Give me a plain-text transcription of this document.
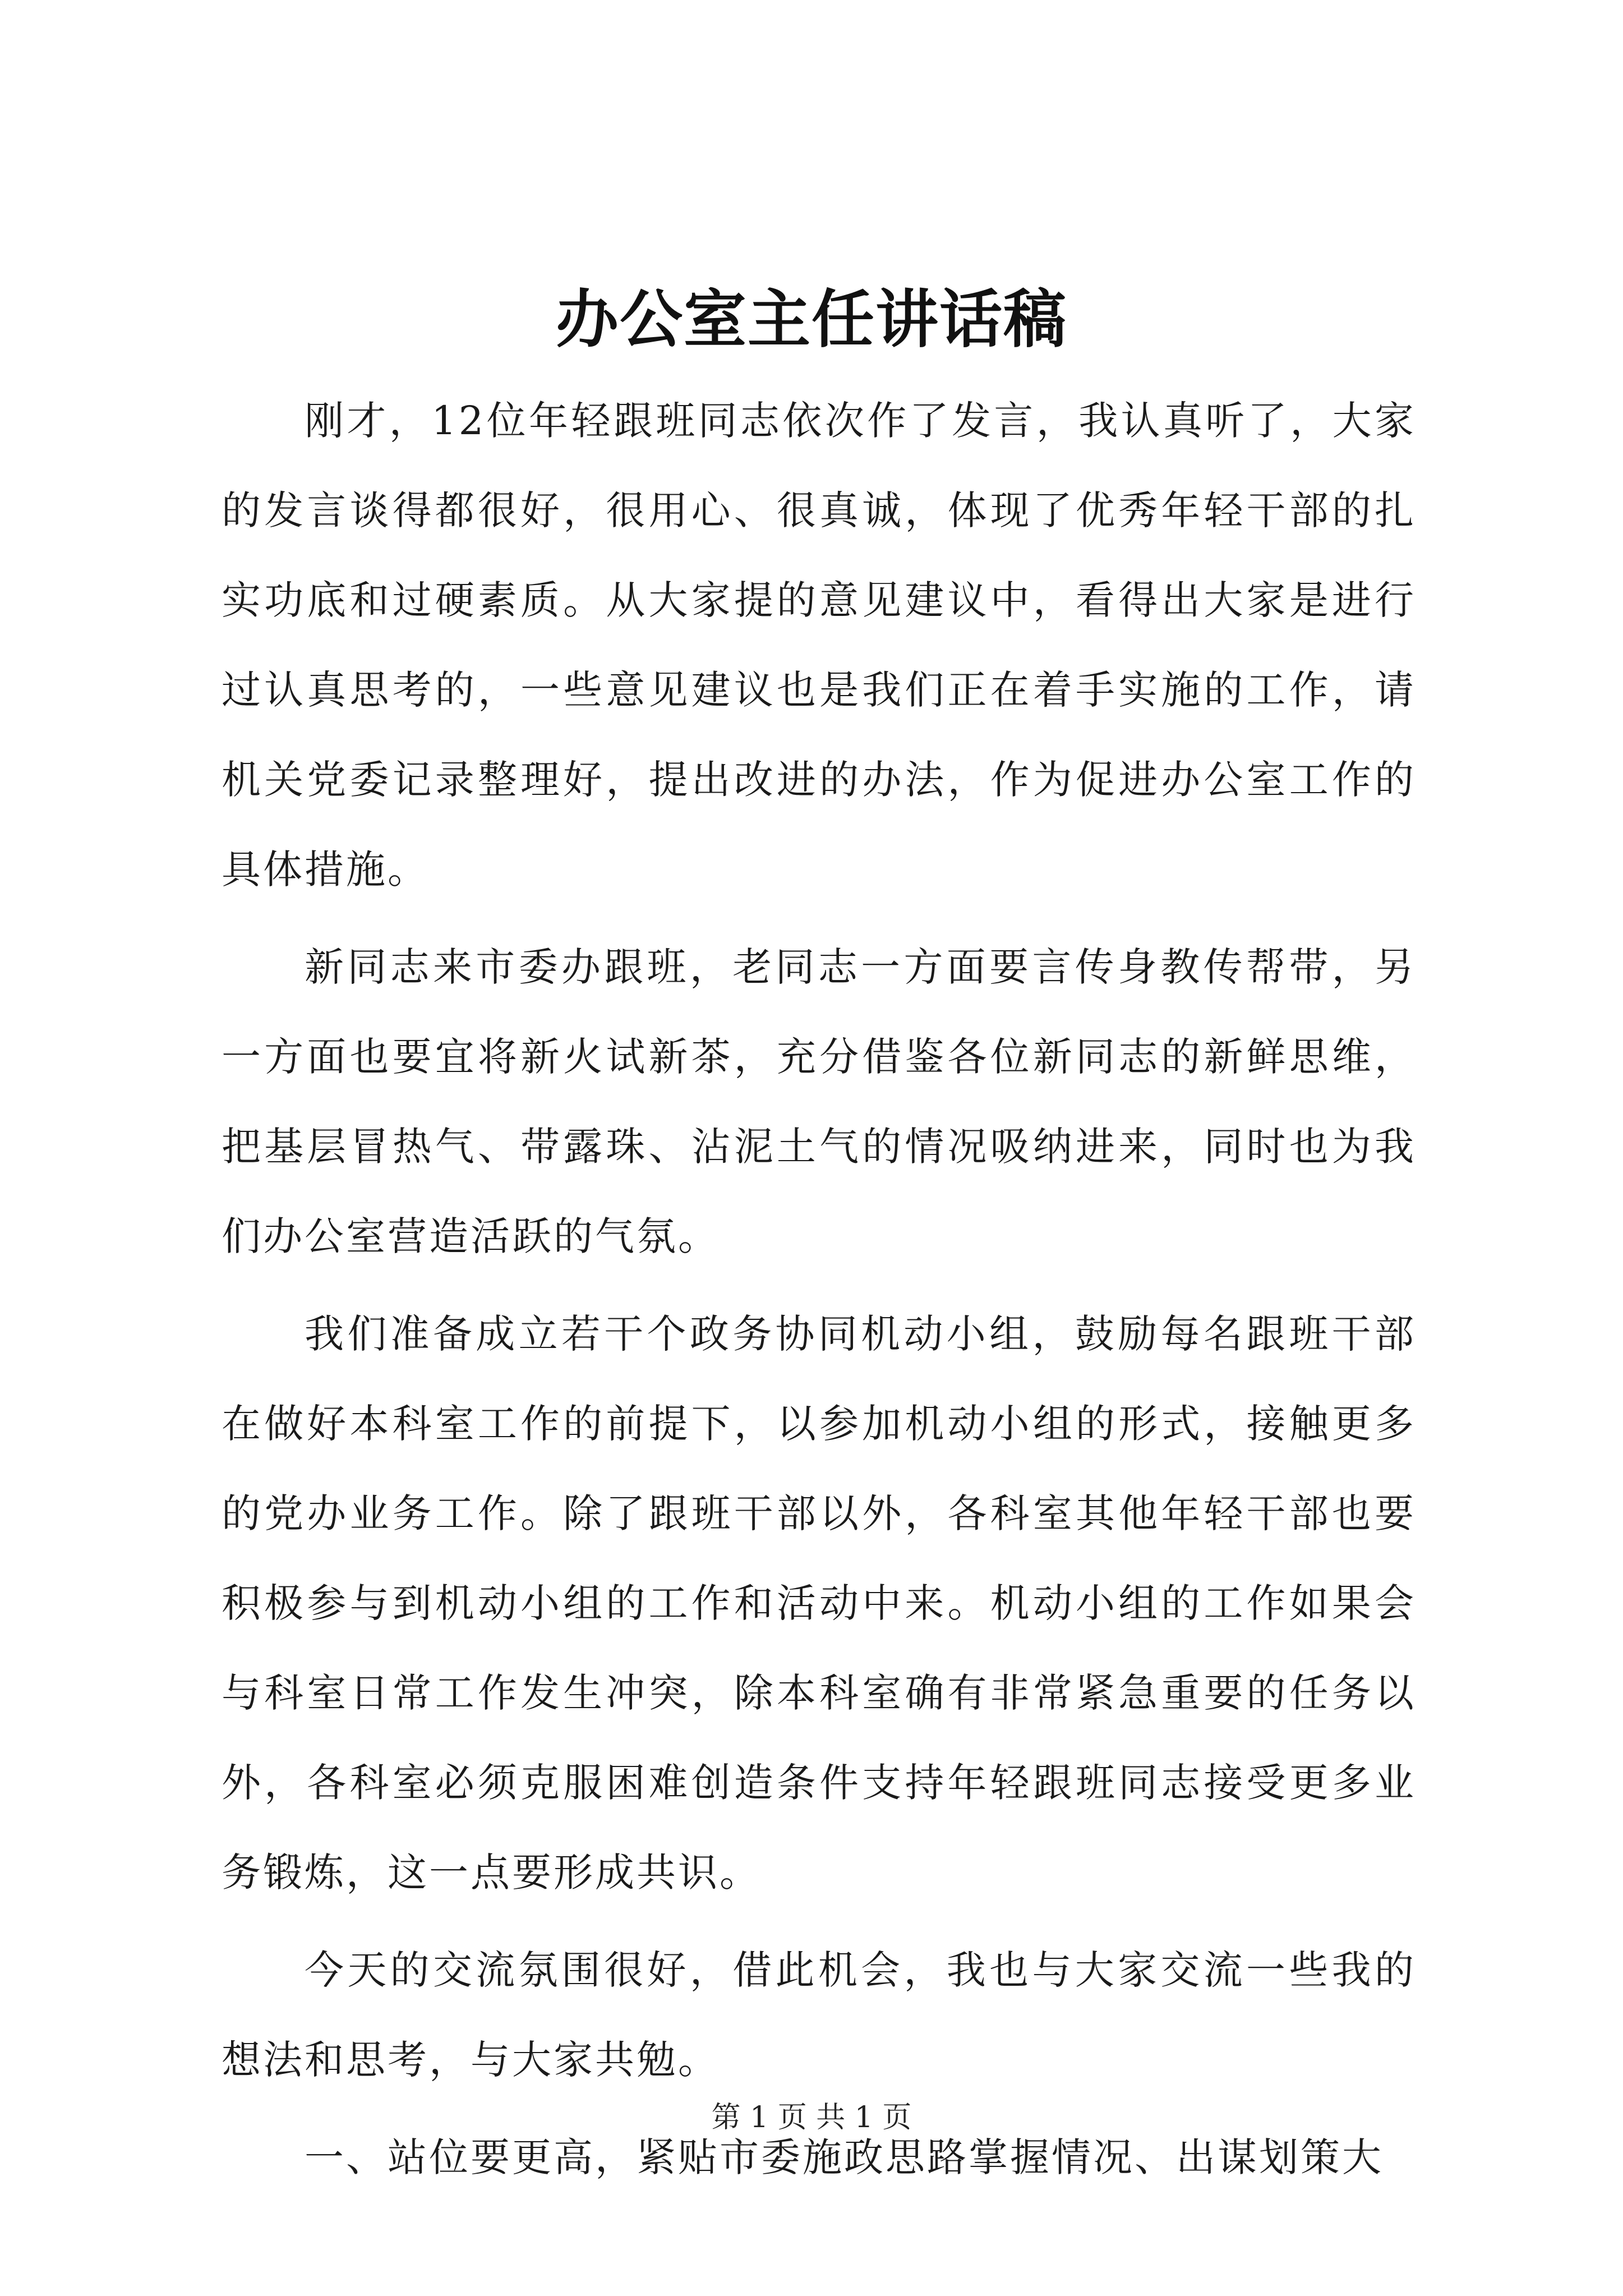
办公室主任讲话稿

刚才，12位年轻跟班同志依次作了发言，我认真听了，大家的发言谈得都很好，很用心、很真诚，体现了优秀年轻干部的扎实功底和过硬素质。从大家提的意见建议中，看得出大家是进行过认真思考的，一些意见建议也是我们正在着手实施的工作，请机关党委记录整理好，提出改进的办法，作为促进办公室工作的具体措施。

新同志来市委办跟班，老同志一方面要言传身教传帮带，另一方面也要宜将新火试新茶，充分借鉴各位新同志的新鲜思维，把基层冒热气、带露珠、沾泥土气的情况吸纳进来，同时也为我们办公室营造活跃的气氛。

我们准备成立若干个政务协同机动小组，鼓励每名跟班干部在做好本科室工作的前提下，以参加机动小组的形式，接触更多的党办业务工作。除了跟班干部以外，各科室其他年轻干部也要积极参与到机动小组的工作和活动中来。机动小组的工作如果会与科室日常工作发生冲突，除本科室确有非常紧急重要的任务以外，各科室必须克服困难创造条件支持年轻跟班同志接受更多业务锻炼，这一点要形成共识。

今天的交流氛围很好，借此机会，我也与大家交流一些我的想法和思考，与大家共勉。

一、站位要更高，紧贴市委施政思路掌握情况、出谋划策大

第 1 页 共 1 页
